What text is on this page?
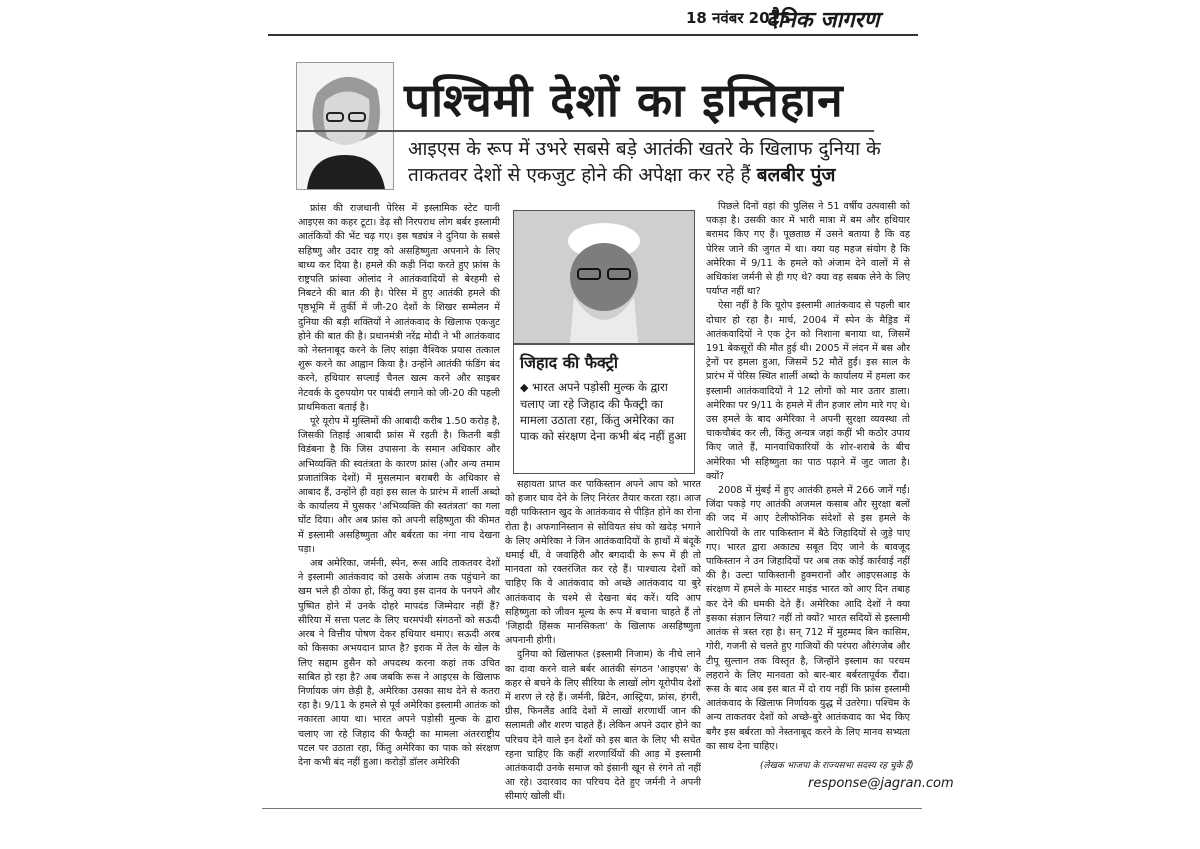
18 नवंबर 2015
दैनिक जागरण
पश्चिमी देशों का इम्तिहान
आइएस के रूप में उभरे सबसे बड़े आतंकी खतरे के खिलाफ दुनिया के ताकतवर देशों से एकजुट होने की अपेक्षा कर रहे हैं बलबीर पुंज

फ्रांस की राजधानी पेरिस में इस्लामिक स्टेट यानी आइएस का कहर टूटा। डेढ़ सौ निरपराध लोग बर्बर इस्लामी आतंकियों की भेंट चढ़ गए। इस षड्यंत्र ने दुनिया के सबसे सहिष्णु और उदार राष्ट्र को असहिष्णुता अपनाने के लिए बाध्य कर दिया है। हमले की कड़ी निंदा करते हुए फ्रांस के राष्ट्रपति फ्रांस्वा ओलांद ने आतंकवादियों से बेरहमी से निबटने की बात की है। पेरिस में हुए आतंकी हमले की पृष्ठभूमि में तुर्की में जी-20 देशों के शिखर सम्मेलन में दुनिया की बड़ी शक्तियों ने आतंकवाद के खिलाफ एकजुट होने की बात की है। प्रधानमंत्री नरेंद्र मोदी ने भी आतंकवाद को नेस्तनाबूद करने के लिए सांझा वैश्विक प्रयास तत्काल शुरू करने का आह्वान किया है। उन्होंने आतंकी फंडिंग बंद करने, हथियार सप्लाई चैनल खत्म करने और साइबर नेटवर्क के दुरुपयोग पर पाबंदी लगाने को जी-20 की पहली प्राथमिकता बताई है।

पूरे यूरोप में मुस्लिमों की आबादी करीब 1.50 करोड़ है, जिसकी तिहाई आबादी फ्रांस में रहती है। कितनी बड़ी विडंबना है कि जिस उपासना के समान अधिकार और अभिव्यक्ति की स्वतंत्रता के कारण फ्रांस (और अन्य तमाम प्रजातांत्रिक देशों) में मुसलमान बराबरी के अधिकार से आबाद हैं, उन्होंने ही वहां इस साल के प्रारंभ में शार्ली अब्दो के कार्यालय में घुसकर 'अभिव्यक्ति की स्वतंत्रता' का गला घोंट दिया। और अब फ्रांस को अपनी सहिष्णुता की कीमत में इस्लामी असहिष्णुता और बर्बरता का नंगा नाच देखना पड़ा।

अब अमेरिका, जर्मनी, स्पेन, रूस आदि ताकतवर देशों ने इस्लामी आतंकवाद को उसके अंजाम तक पहुंचाने का खम भले ही ठोका हो, किंतु क्या इस दानव के पनपने और पुष्पित होने में उनके दोहरे मापदंड जिम्मेदार नहीं हैं? सीरिया में सत्ता पलट के लिए चरमपंथी संगठनों को सऊदी अरब ने वित्तीय पोषण देकर हथियार थमाए। सऊदी अरब को किसका अभयदान प्राप्त है? इराक में तेल के खेल के लिए सद्दाम हुसैन को अपदस्थ करना कहां तक उचित साबित हो रहा है? अब जबकि रूस ने आइएस के खिलाफ निर्णायक जंग छेड़ी है, अमेरिका उसका साथ देने से कतरा रहा है। 9/11 के हमले से पूर्व अमेरिका इस्लामी आतंक को नकारता आया था। भारत अपने पड़ोसी मुल्क के द्वारा चलाए जा रहे जिहाद की फैक्ट्री का मामला अंतरराष्ट्रीय पटल पर उठाता रहा, किंतु अमेरिका का पाक को संरक्षण देना कभी बंद नहीं हुआ। करोड़ों डॉलर अमेरिकी

जिहाद की फैक्ट्री
◆ भारत अपने पड़ोसी मुल्क के द्वारा चलाए जा रहे जिहाद की फैक्ट्री का मामला उठाता रहा, किंतु अमेरिका का पाक को संरक्षण देना कभी बंद नहीं हुआ

सहायता प्राप्त कर पाकिस्तान अपने आप को भारत को हजार घाव देने के लिए निरंतर तैयार करता रहा। आज वही पाकिस्तान खुद के आतंकवाद से पीड़ित होने का रोना रोता है। अफगानिस्तान से सोवियत संघ को खदेड़ भगाने के लिए अमेरिका ने जिन आतंकवादियों के हाथों में बंदूकें थमाई थीं, वे जवाहिरी और बगदादी के रूप में ही तो मानवता को रक्तरंजित कर रहे हैं। पाश्चात्य देशों को चाहिए कि वे आतंकवाद को अच्छे आतंकवाद या बुरे आतंकवाद के चश्मे से देखना बंद करें। यदि आप सहिष्णुता को जीवन मूल्य के रूप में बचाना चाहते हैं तो 'जिहादी हिंसक मानसिकता' के खिलाफ असहिष्णुता अपनानी होगी।

दुनिया को खिलाफत (इस्लामी निजाम) के नीचे लाने का दावा करने वाले बर्बर आतंकी संगठन 'आइएस' के कहर से बचने के लिए सीरिया के लाखों लोग यूरोपीय देशों में शरण ले रहे हैं। जर्मनी, ब्रिटेन, आस्ट्रिया, फ्रांस, हंगरी, ग्रीस, फिनलैंड आदि देशों में लाखों शरणार्थी जान की सलामती और शरण चाहते हैं। लेकिन अपने उदार होने का परिचय देने वाले इन देशों को इस बात के लिए भी सचेत रहना चाहिए कि कहीं शरणार्थियों की आड़ में इस्लामी आतंकवादी उनके समाज को इंसानी खून से रंगने तो नहीं आ रहे। उदारवाद का परिचय देते हुए जर्मनी ने अपनी सीमाएं खोली थीं।

पिछले दिनों वहां की पुलिस ने 51 वर्षीय उत्पवासी को पकड़ा है। उसकी कार में भारी मात्रा में बम और हथियार बरामद किए गए हैं। पूछताछ में उसने बताया है कि वह पेरिस जाने की जुगत में था। क्या यह महज संयोग है कि अमेरिका में 9/11 के हमले को अंजाम देने वालों में से अधिकांश जर्मनी से ही गए थे? क्या वह सबक लेने के लिए पर्याप्त नहीं था?

ऐसा नहीं है कि यूरोप इस्लामी आतंकवाद से पहली बार दोचार हो रहा है। मार्च, 2004 में स्पेन के मैड्रिड में आतंकवादियों ने एक ट्रेन को निशाना बनाया था, जिसमें 191 बेकसूरों की मौत हुई थी। 2005 में लंदन में बस और ट्रेनों पर हमला हुआ, जिसमें 52 मौतें हुईं। इस साल के प्रारंभ में पेरिस स्थित शार्ली अब्दो के कार्यालय में हमला कर इस्लामी आतंकवादियों ने 12 लोगों को मार उतार डाला। अमेरिका पर 9/11 के हमले में तीन हजार लोग मारे गए थे। उस हमले के बाद अमेरिका ने अपनी सुरक्षा व्यवस्था तो चाकचौबंद कर ली, किंतु अन्यत्र जहां कहीं भी कठोर उपाय किए जाते हैं, मानवाधिकारियों के शोर-शराबे के बीच अमेरिका भी सहिष्णुता का पाठ पढ़ाने में जुट जाता है। क्यों?

2008 में मुंबई में हुए आतंकी हमले में 266 जानें गईं। जिंदा पकड़े गए आतंकी अजमल कसाब और सुरक्षा बलों की जद में आए टेलीफोनिक संदेशों से इस हमले के आरोपियों के तार पाकिस्तान में बैठे जिहादियों से जुड़े पाए गए। भारत द्वारा अकाट्य सबूत दिए जाने के बावजूद पाकिस्तान ने उन जिहादियों पर अब तक कोई कार्रवाई नहीं की है। उल्टा पाकिस्तानी हुक्मरानों और आइएसआइ के संरक्षण में हमले के मास्टर माइंड भारत को आए दिन तबाह कर देने की धमकी देते हैं। अमेरिका आदि देशों ने क्या इसका संज्ञान लिया? नहीं तो क्यों? भारत सदियों से इस्लामी आतंक से त्रस्त रहा है। सन् 712 में मुहम्मद बिन कासिम, गोरी, गजनी से चलते हुए गाजियों की परंपरा औरंगजेब और टीपू सुल्तान तक विस्तृत है, जिन्होंने इस्लाम का परचम लहराने के लिए मानवता को बार-बार बर्बरतापूर्वक रौंदा। रूस के बाद अब इस बात में दो राय नहीं कि फ्रांस इस्लामी आतंकवाद के खिलाफ निर्णायक युद्ध में उतरेगा। पश्चिम के अन्य ताकतवर देशों को अच्छे-बुरे आतंकवाद का भेद किए बगैर इस बर्बरता को नेस्तनाबूद करने के लिए मानव सभ्यता का साथ देना चाहिए।

(लेखक भाजपा के राज्यसभा सदस्य रह चुके हैं)
response@jagran.com
